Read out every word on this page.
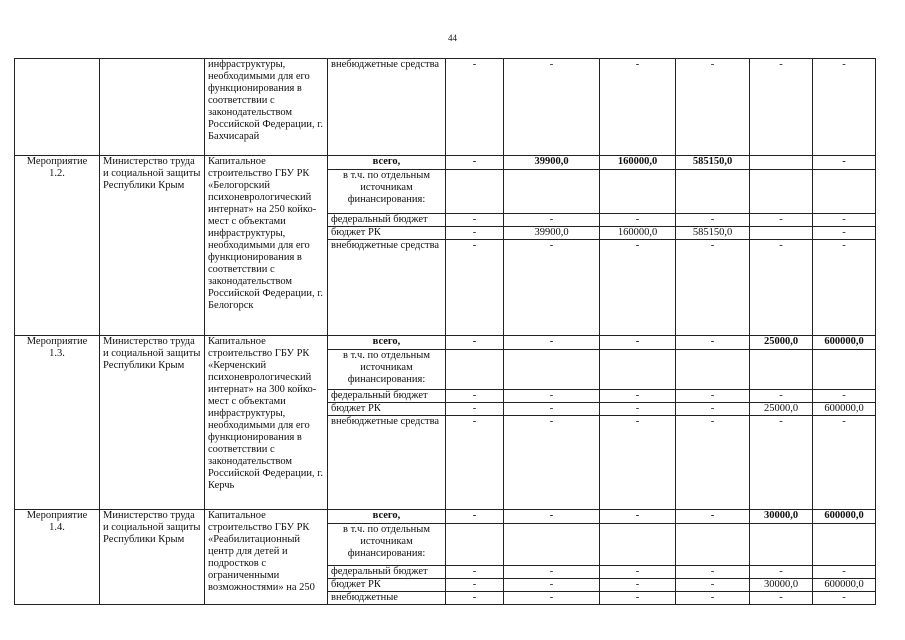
44
		инфраструктуры, необходимыми для его функционирования в соответствии с законодательством Российской Федерации, г. Бахчисарай	внебюджетные средства	-	-	-	-	-	-
Мероприятие 1.2.	Министерство труда и социальной защиты Республики Крым	Капитальное строительство ГБУ РК «Белогорский психоневрологический интернат» на 250 койко-мест с объектами инфраструктуры, необходимыми для его функционирования в соответствии с законодательством Российской Федерации, г. Белогорск	всего,	-	39900,0	160000,0	585150,0		-
			в т.ч. по отдельным источникам финансирования:						
			федеральный бюджет	-	-	-	-	-	-
			бюджет РК	-	39900,0	160000,0	585150,0		-
			внебюджетные средства	-	-	-	-	-	-
Мероприятие 1.3.	Министерство труда и социальной защиты Республики Крым	Капитальное строительство ГБУ РК «Керченский психоневрологический интернат» на 300 койко-мест с объектами инфраструктуры, необходимыми для его функционирования в соответствии с законодательством Российской Федерации, г. Керчь	всего,	-	-	-	-	25000,0	600000,0
			в т.ч. по отдельным источникам финансирования:						
			федеральный бюджет	-	-	-	-	-	-
			бюджет РК	-	-	-	-	25000,0	600000,0
			внебюджетные средства	-	-	-	-	-	-
Мероприятие 1.4.	Министерство труда и социальной защиты Республики Крым	Капитальное строительство ГБУ РК «Реабилитационный центр для детей и подростков с ограниченными возможностями» на 250	всего,	-	-	-	-	30000,0	600000,0
			в т.ч. по отдельным источникам финансирования:						
			федеральный бюджет	-	-	-	-	-	-
			бюджет РК	-	-	-	-	30000,0	600000,0
			внебюджетные	-	-	-	-	-	-
